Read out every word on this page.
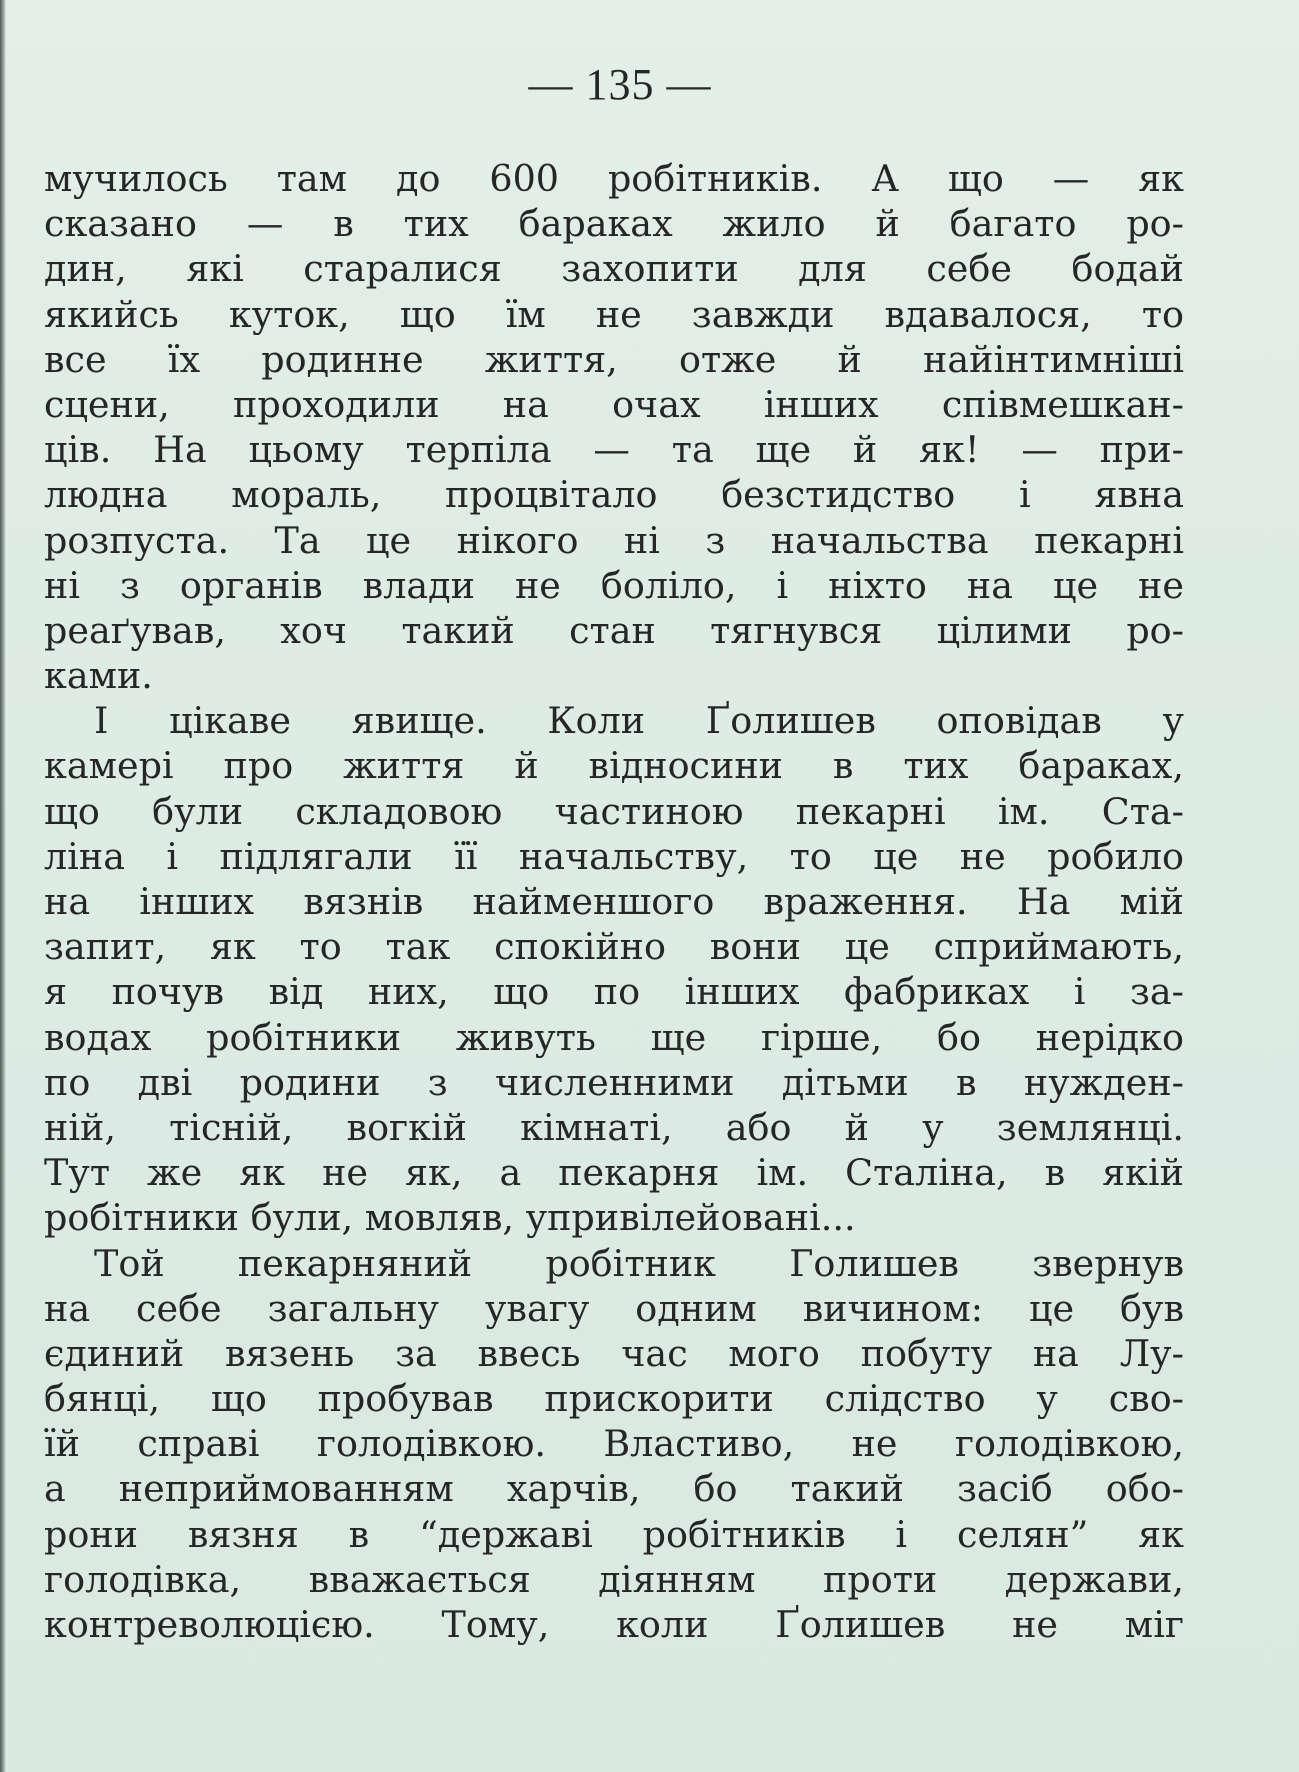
— 135 —
мучилось там до 600 робітників. А що — як
сказано — в тих бараках жило й багато ро-
дин, які старалися захопити для себе бодай
якийсь куток, що їм не завжди вдавалося, то
все їх родинне життя, отже й найінтимніші
сцени, проходили на очах інших співмешкан-
ців. На цьому терпіла — та ще й як! — при-
людна мораль, процвітало безстидство і явна
розпуста. Та це нікого ні з начальства пекарні
ні з органів влади не боліло, і ніхто на це не
реаґував, хоч такий стан тягнувся цілими ро-
ками.
І цікаве явище. Коли Ґолишев оповідав у
камері про життя й відносини в тих бараках,
що були складовою частиною пекарні ім. Ста-
ліна і підлягали її начальству, то це не робило
на інших вязнів найменшого враження. На мій
запит, як то так спокійно вони це сприймають,
я почув від них, що по інших фабриках і за-
водах робітники живуть ще гірше, бо нерідко
по дві родини з численними дітьми в нужден-
ній, тісній, вогкій кімнаті, або й у землянці.
Тут же як не як, а пекарня ім. Сталіна, в якій
робітники були, мовляв, упривілейовані...
Той пекарняний робітник Голишев звернув
на себе загальну увагу одним вичином: це був
єдиний вязень за ввесь час мого побуту на Лу-
бянці, що пробував прискорити слідство у сво-
їй справі голодівкою. Властиво, не голодівкою,
а неприймованням харчів, бо такий засіб обо-
рони вязня в “державі робітників і селян” як
голодівка, вважається діянням проти держави,
контреволюцією. Тому, коли Ґолишев не міг
